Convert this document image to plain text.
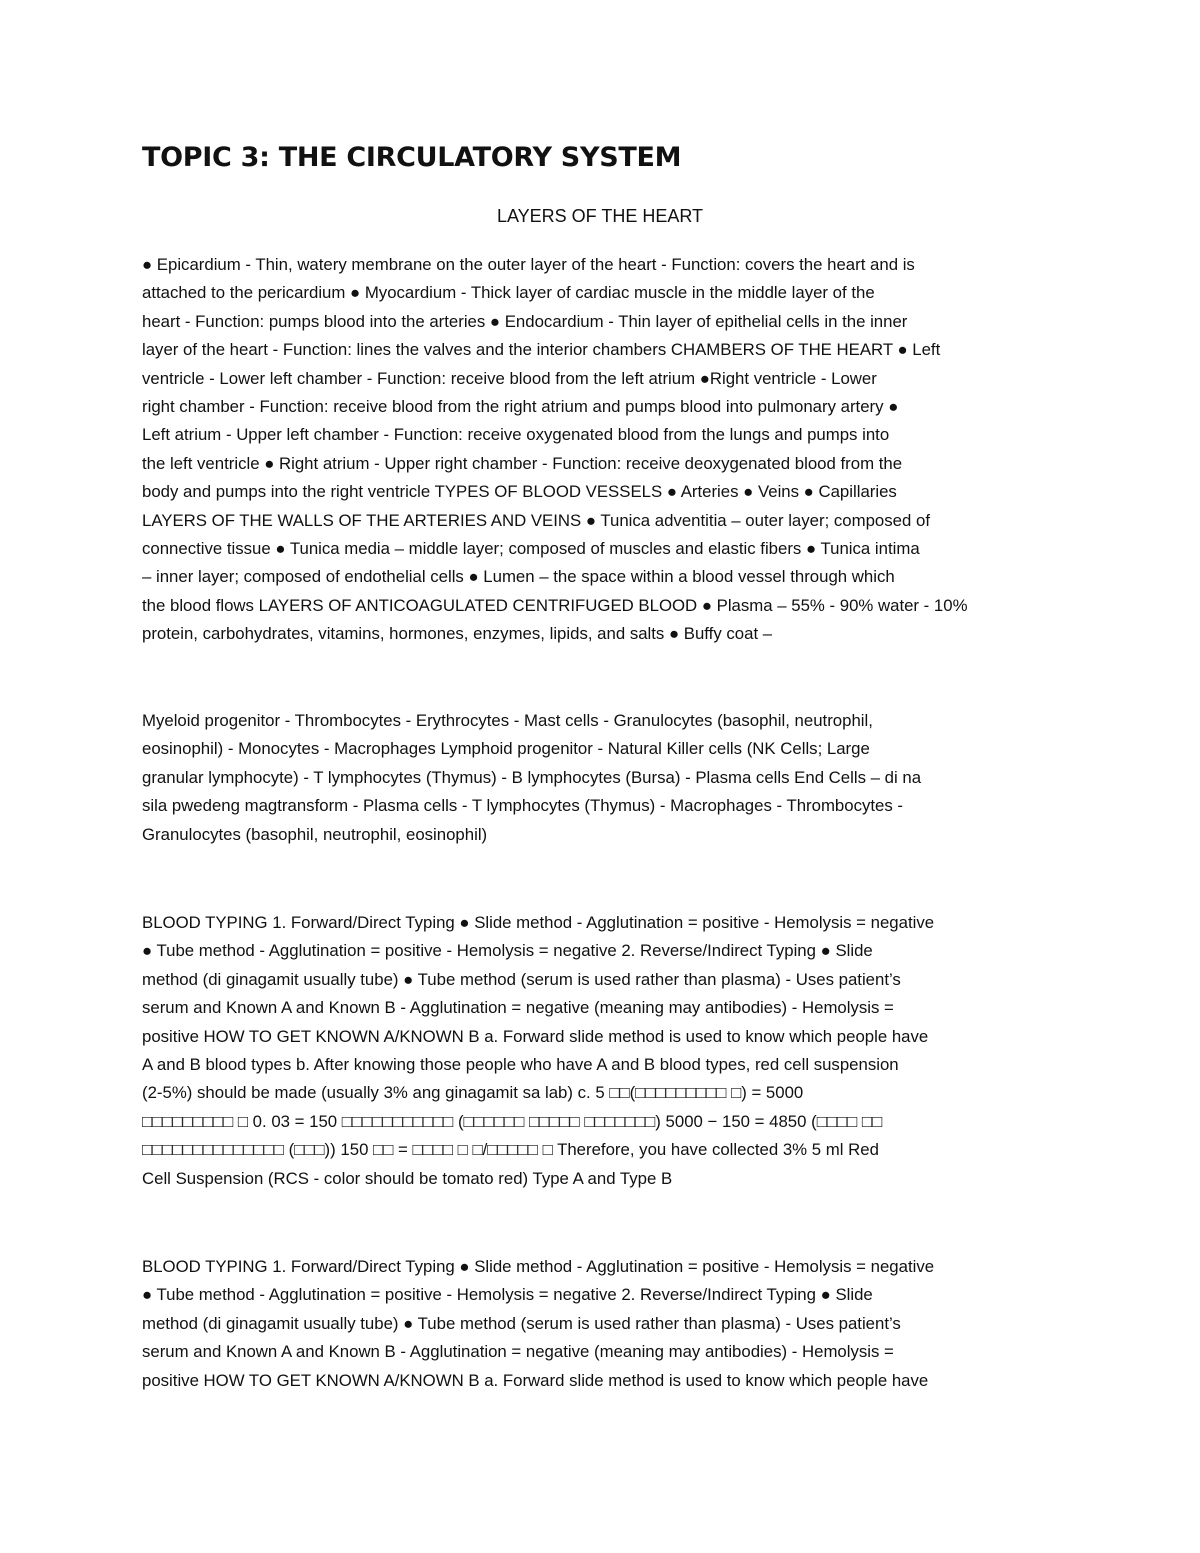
TOPIC 3: THE CIRCULATORY SYSTEM
LAYERS OF THE HEART
● Epicardium - Thin, watery membrane on the outer layer of the heart - Function: covers the heart and is
attached to the pericardium ● Myocardium - Thick layer of cardiac muscle in the middle layer of the
heart - Function: pumps blood into the arteries ● Endocardium - Thin layer of epithelial cells in the inner
layer of the heart - Function: lines the valves and the interior chambers CHAMBERS OF THE HEART ● Left
ventricle - Lower left chamber - Function: receive blood from the left atrium ●Right ventricle - Lower
right chamber - Function: receive blood from the right atrium and pumps blood into pulmonary artery ●
Left atrium - Upper left chamber - Function: receive oxygenated blood from the lungs and pumps into
the left ventricle ● Right atrium - Upper right chamber - Function: receive deoxygenated blood from the
body and pumps into the right ventricle TYPES OF BLOOD VESSELS ● Arteries ● Veins ● Capillaries
LAYERS OF THE WALLS OF THE ARTERIES AND VEINS ● Tunica adventitia – outer layer; composed of
connective tissue ● Tunica media – middle layer; composed of muscles and elastic fibers ● Tunica intima
– inner layer; composed of endothelial cells ● Lumen – the space within a blood vessel through which
the blood flows LAYERS OF ANTICOAGULATED CENTRIFUGED BLOOD ● Plasma – 55% - 90% water - 10%
protein, carbohydrates, vitamins, hormones, enzymes, lipids, and salts ● Buffy coat –
Myeloid progenitor - Thrombocytes - Erythrocytes - Mast cells - Granulocytes (basophil, neutrophil,
eosinophil) - Monocytes - Macrophages Lymphoid progenitor - Natural Killer cells (NK Cells; Large
granular lymphocyte) - T lymphocytes (Thymus) - B lymphocytes (Bursa) - Plasma cells End Cells – di na
sila pwedeng magtransform - Plasma cells - T lymphocytes (Thymus) - Macrophages - Thrombocytes -
Granulocytes (basophil, neutrophil, eosinophil)
BLOOD TYPING 1. Forward/Direct Typing ● Slide method - Agglutination = positive - Hemolysis = negative
● Tube method - Agglutination = positive - Hemolysis = negative 2. Reverse/Indirect Typing ● Slide
method (di ginagamit usually tube) ● Tube method (serum is used rather than plasma) - Uses patient’s
serum and Known A and Known B - Agglutination = negative (meaning may antibodies) - Hemolysis =
positive HOW TO GET KNOWN A/KNOWN B a. Forward slide method is used to know which people have
A and B blood types b. After knowing those people who have A and B blood types, red cell suspension
(2-5%) should be made (usually 3% ang ginagamit sa lab) c. 5 □□(□□□□□□□□□ □) = 5000
□□□□□□□□□ □ 0. 03 = 150 □□□□□□□□□□□ (□□□□□□ □□□□□ □□□□□□□) 5000 − 150 = 4850 (□□□□ □□
□□□□□□□□□□□□□□ (□□□)) 150 □□ = □□□□ □ □/□□□□□ □ Therefore, you have collected 3% 5 ml Red
Cell Suspension (RCS - color should be tomato red) Type A and Type B
BLOOD TYPING 1. Forward/Direct Typing ● Slide method - Agglutination = positive - Hemolysis = negative
● Tube method - Agglutination = positive - Hemolysis = negative 2. Reverse/Indirect Typing ● Slide
method (di ginagamit usually tube) ● Tube method (serum is used rather than plasma) - Uses patient’s
serum and Known A and Known B - Agglutination = negative (meaning may antibodies) - Hemolysis =
positive HOW TO GET KNOWN A/KNOWN B a. Forward slide method is used to know which people have
